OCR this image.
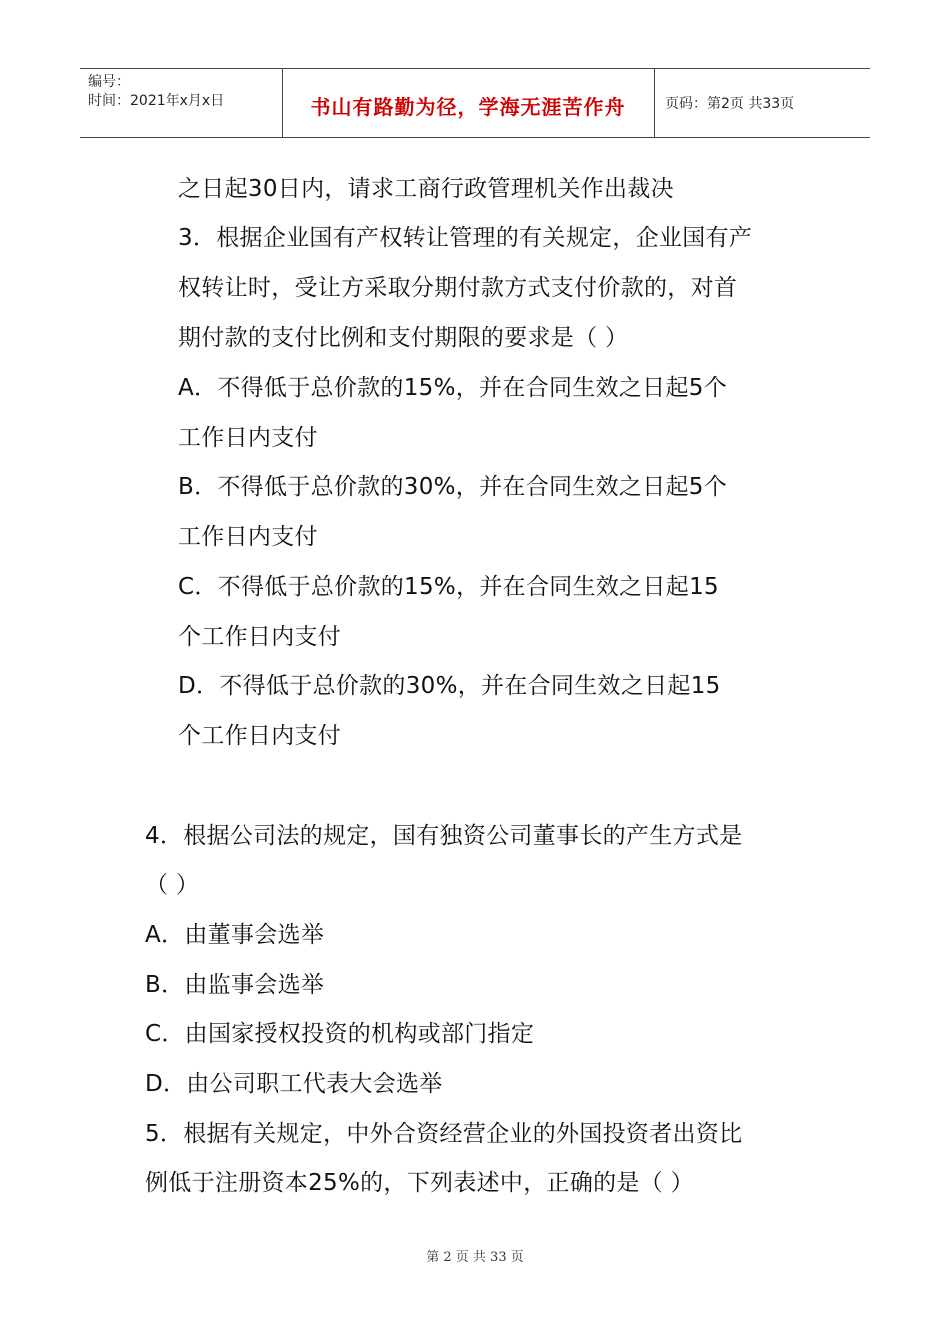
编号：
时间：2021年x月x日	书山有路勤为径，学海无涯苦作舟	页码：第2页 共33页
之日起30日内，请求工商行政管理机关作出裁决
3．根据企业国有产权转让管理的有关规定，企业国有产
权转让时，受让方采取分期付款方式支付价款的，对首
期付款的支付比例和支付期限的要求是（ ）
A．不得低于总价款的15%，并在合同生效之日起5个
工作日内支付
B．不得低于总价款的30%，并在合同生效之日起5个
工作日内支付
C．不得低于总价款的15%，并在合同生效之日起15
个工作日内支付
D．不得低于总价款的30%，并在合同生效之日起15
个工作日内支付
4．根据公司法的规定，国有独资公司董事长的产生方式是
（ ）
A．由董事会选举
B．由监事会选举
C．由国家授权投资的机构或部门指定
D．由公司职工代表大会选举
5．根据有关规定，中外合资经营企业的外国投资者出资比
例低于注册资本25%的，下列表述中，正确的是（ ）
第 2 页 共 33 页
